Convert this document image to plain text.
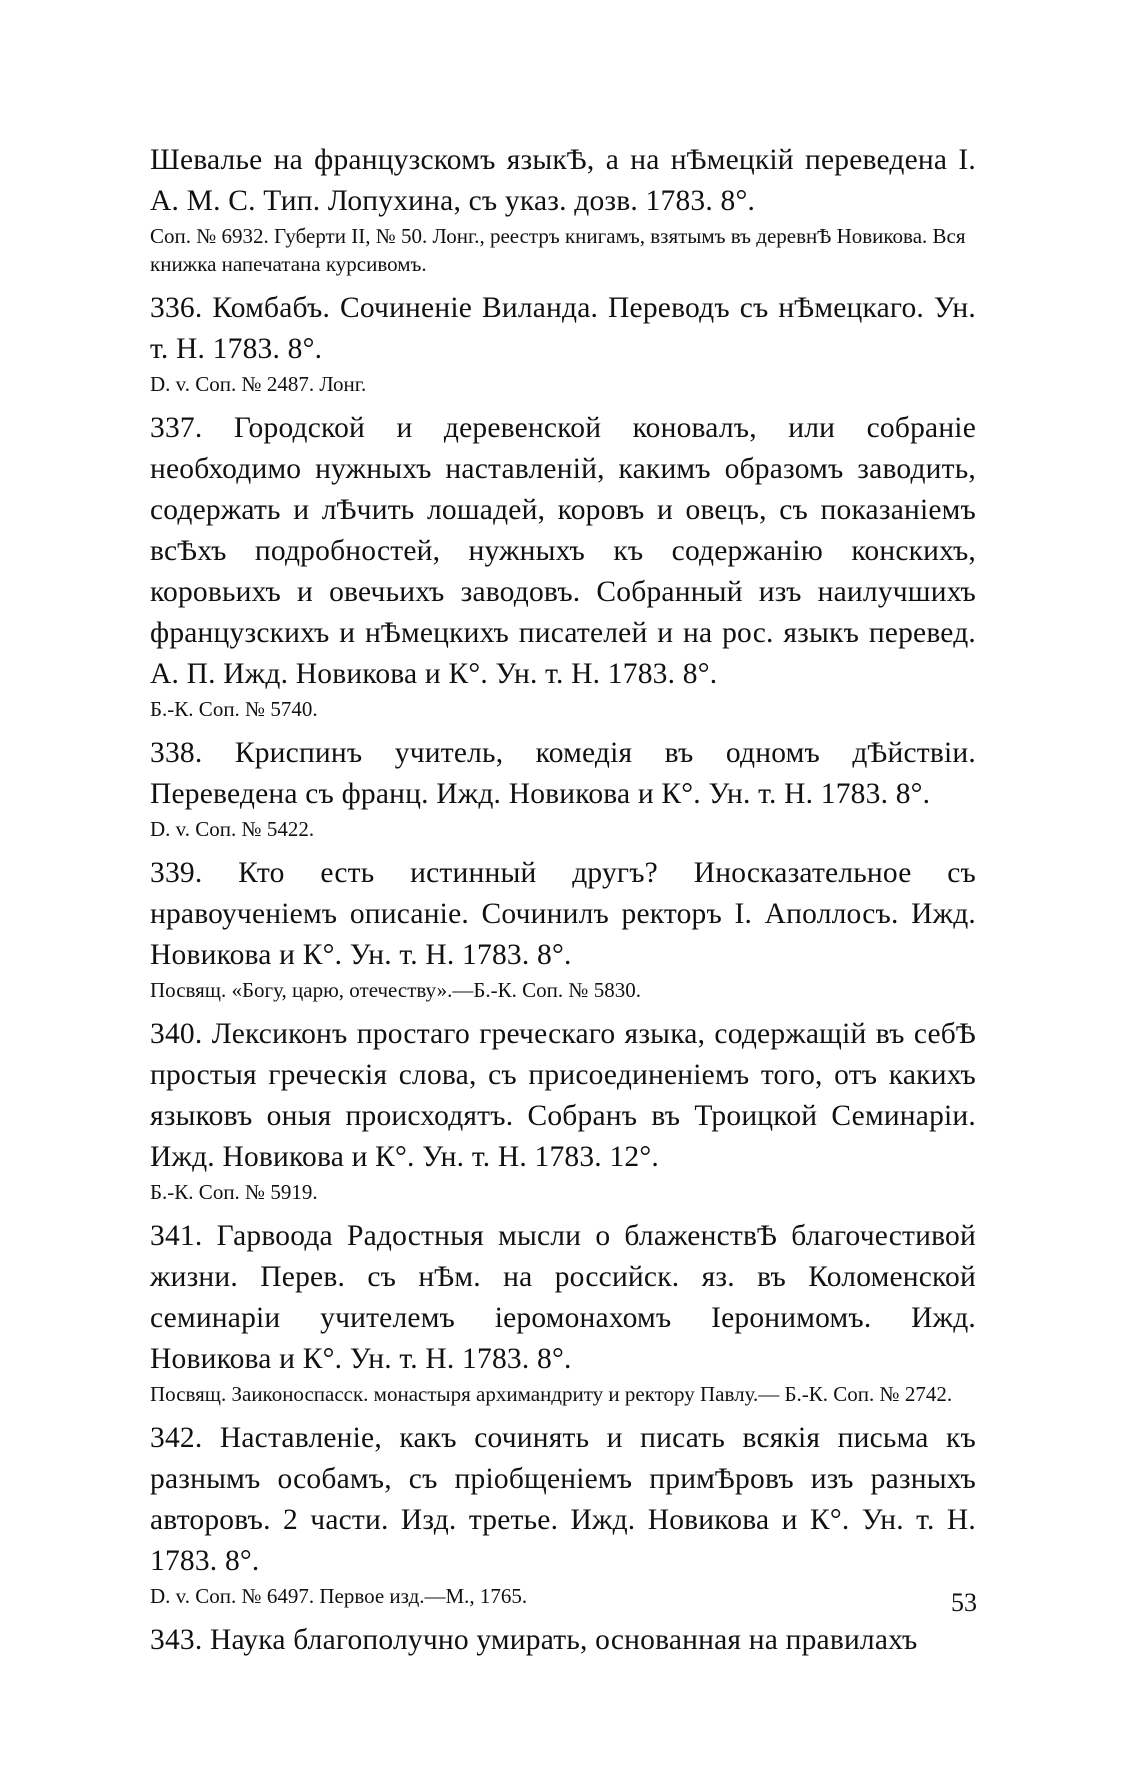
Шевалье на французскомъ языкѢ, а на нѢмецкій переведена I. А. М. С. Тип. Лопухина, съ указ. дозв. 1783. 8°.

Соп. № 6932. Губерти II, № 50. Лонг., реестръ книгамъ, взятымъ въ деревнѢ Новикова. Вся книжка напечатана курсивомъ.

336. Комбабъ. Сочиненіе Виланда. Переводъ съ нѢмецкаго. Ун. т. Н. 1783. 8°.

D. v. Соп. № 2487. Лонг.

337. Городской и деревенской коновалъ, или собраніе необходимо нужныхъ наставленій, какимъ образомъ заводить, содержать и лѢчить лошадей, коровъ и овецъ, съ показаніемъ всѢхъ подробностей, нужныхъ къ содержанію конскихъ, коровьихъ и овечьихъ заводовъ. Собранный изъ наилучшихъ французскихъ и нѢмецкихъ писателей и на рос. языкъ перевед. А. П. Ижд. Новикова и К°. Ун. т. Н. 1783. 8°.

Б.-К. Соп. № 5740.

338. Криспинъ учитель, комедія въ одномъ дѢйствіи. Переведена съ франц. Ижд. Новикова и К°. Ун. т. Н. 1783. 8°.

D. v. Соп. № 5422.

339. Кто есть истинный другъ? Иносказательное съ нравоученіемъ описаніе. Сочинилъ ректоръ I. Аполлосъ. Ижд. Новикова и К°. Ун. т. Н. 1783. 8°.

Посвящ. «Богу, царю, отечеству».—Б.-К. Соп. № 5830.

340. Лексиконъ простаго греческаго языка, содержащій въ себѢ простыя греческія слова, съ присоединеніемъ того, отъ какихъ языковъ оныя происходятъ. Собранъ въ Троицкой Семинаріи. Ижд. Новикова и К°. Ун. т. Н. 1783. 12°.

Б.-К. Соп. № 5919.

341. Гарвоода Радостныя мысли о блаженствѢ благочестивой жизни. Перев. съ нѢм. на российск. яз. въ Коломенской семинаріи учителемъ іеромонахомъ Іеронимомъ. Ижд. Новикова и К°. Ун. т. Н. 1783. 8°.

Посвящ. Заиконоспасск. монастыря архимандриту и ректору Павлу.— Б.-К. Соп. № 2742.

342. Наставленіе, какъ сочинять и писать всякія письма къ разнымъ особамъ, съ пріобщеніемъ примѢровъ изъ разныхъ авторовъ. 2 части. Изд. третье. Ижд. Новикова и К°. Ун. т. Н. 1783. 8°.

D. v. Соп. № 6497. Первое изд.—М., 1765.

343. Наука благополучно умирать, основанная на правилахъ

53
